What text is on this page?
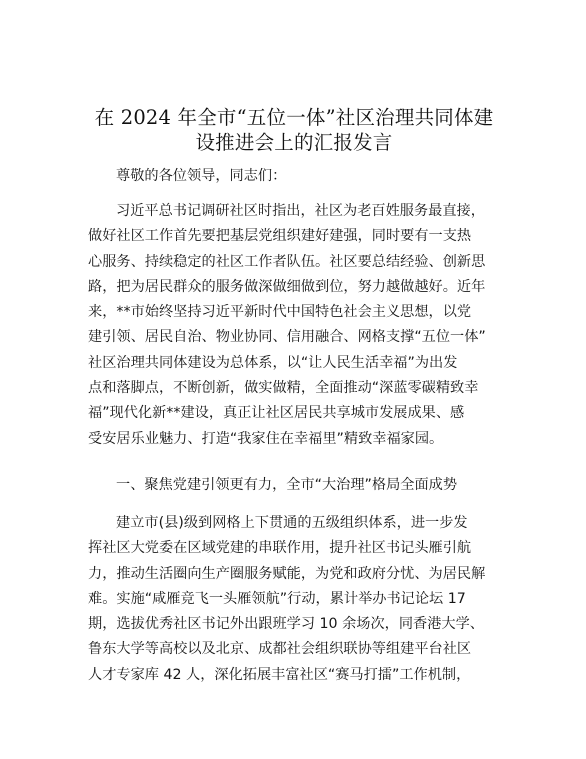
在 2024 年全市“五位一体”社区治理共同体建
设推进会上的汇报发言
尊敬的各位领导，同志们：
习近平总书记调研社区时指出，社区为老百姓服务最直接，
做好社区工作首先要把基层党组织建好建强，同时要有一支热
心服务、持续稳定的社区工作者队伍。社区要总结经验、创新思
路，把为居民群众的服务做深做细做到位，努力越做越好。近年
来，**市始终坚持习近平新时代中国特色社会主义思想，以党
建引领、居民自治、物业协同、信用融合、网格支撑“五位一体”
社区治理共同体建设为总体系，以“让人民生活幸福”为出发
点和落脚点，不断创新，做实做精，全面推动“深蓝零碳精致幸
福”现代化新**建设，真正让社区居民共享城市发展成果、感
受安居乐业魅力、打造“我家住在幸福里”精致幸福家园。
一、聚焦党建引领更有力，全市“大治理”格局全面成势
建立市(县)级到网格上下贯通的五级组织体系，进一步发
挥社区大党委在区域党建的串联作用，提升社区书记头雁引航
力，推动生活圈向生产圈服务赋能，为党和政府分忧、为居民解
难。实施“咸雁竞飞一头雁领航”行动，累计举办书记论坛 17
期，选拔优秀社区书记外出跟班学习 10 余场次，同香港大学、
鲁东大学等高校以及北京、成都社会组织联协等组建平台社区
人才专家库 42 人，深化拓展丰富社区“赛马打擂”工作机制，
